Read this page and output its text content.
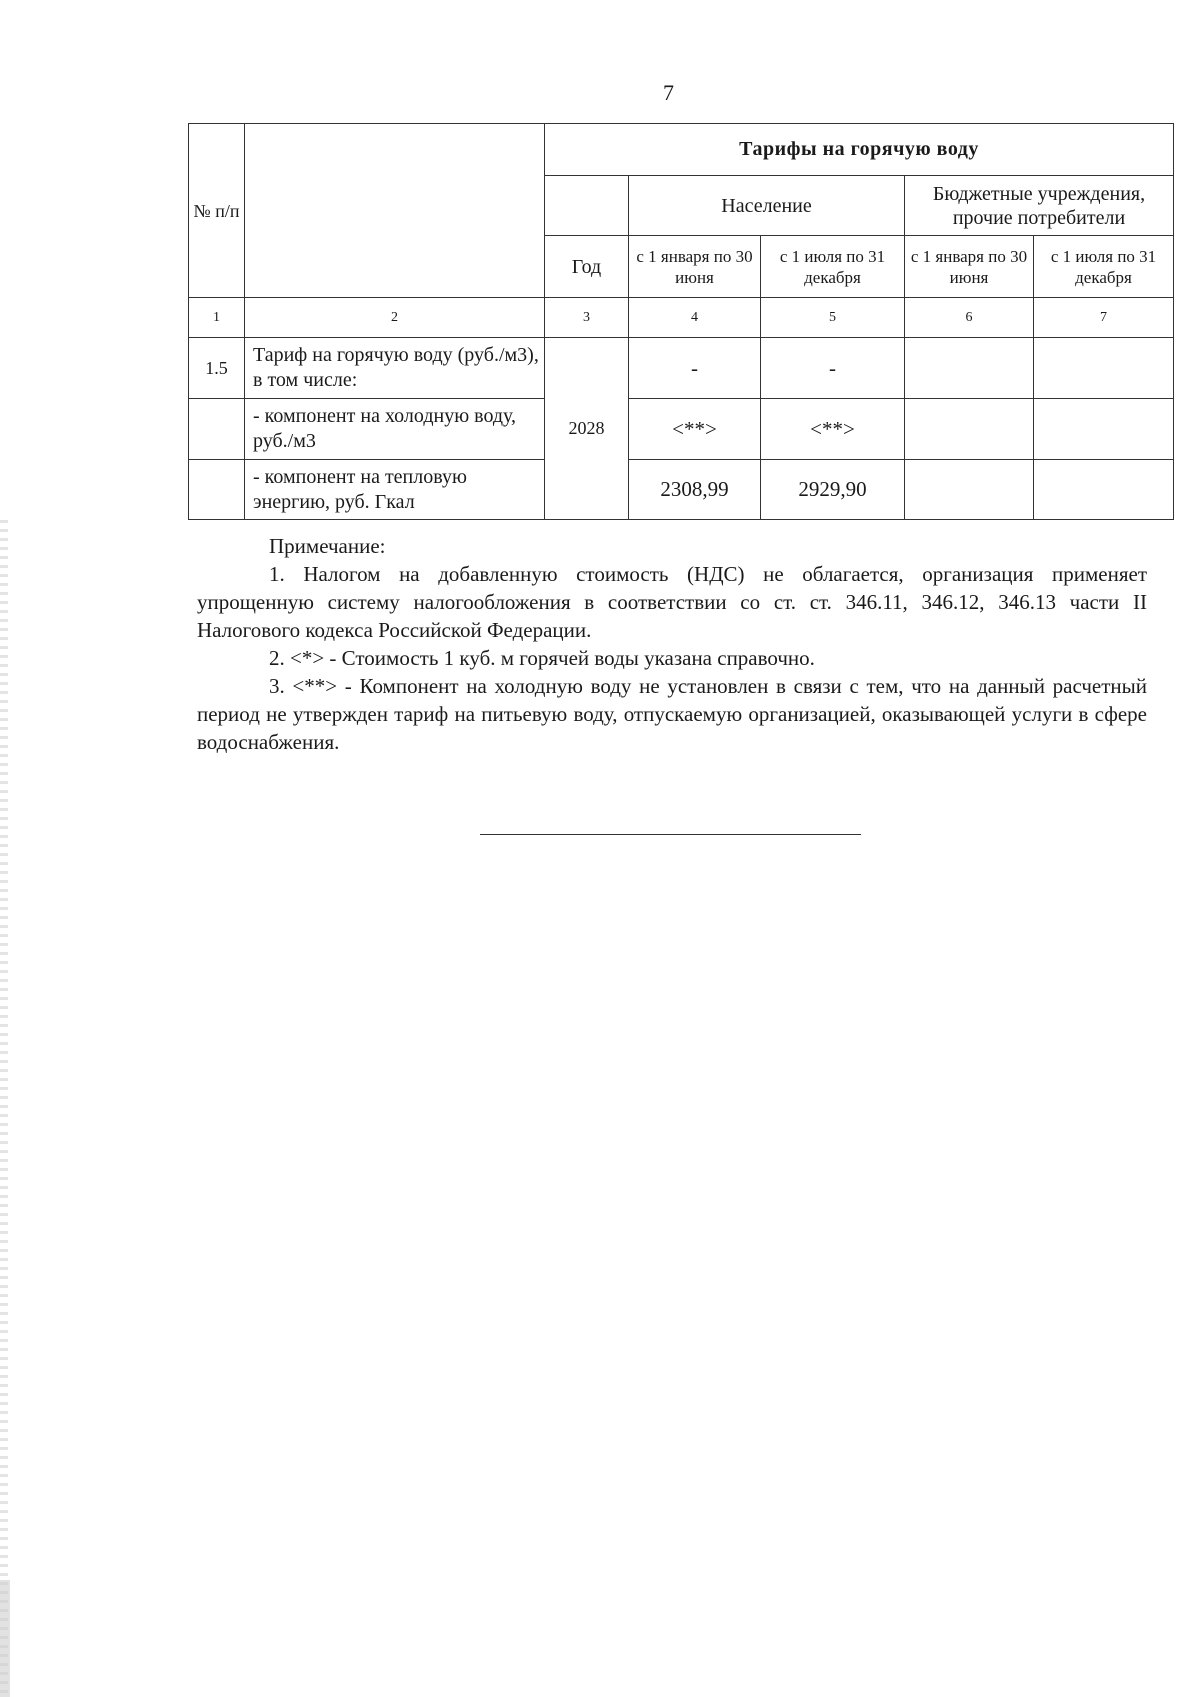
7
№ п/п		Тарифы на горячую воду				
			Население		Бюджетные учреждения, прочие потребители	
		Год	с 1 января по 30 июня	с 1 июля по 31 декабря	с 1 января по 30 июня	с 1 июля по 31 декабря
1	2	3	4	5	6	7
1.5	Тариф на горячую воду (руб./м3), в том числе:	2028	-	-		
	- компонент на холодную воду, руб./м3		<**>	<**>		
	- компонент на тепловую энергию, руб. Гкал		2308,99	2929,90		
Примечание:
1. Налогом на добавленную стоимость (НДС) не облагается, организация применяет упрощенную систему налогообложения в соответствии со ст. ст. 346.11, 346.12, 346.13 части II Налогового кодекса Российской Федерации.
2. <*> - Стоимость 1 куб. м горячей воды указана справочно.
3. <**> - Компонент на холодную воду не установлен в связи с тем, что на данный расчетный период не утвержден тариф на питьевую воду, отпускаемую организацией, оказывающей услуги в сфере водоснабжения.
